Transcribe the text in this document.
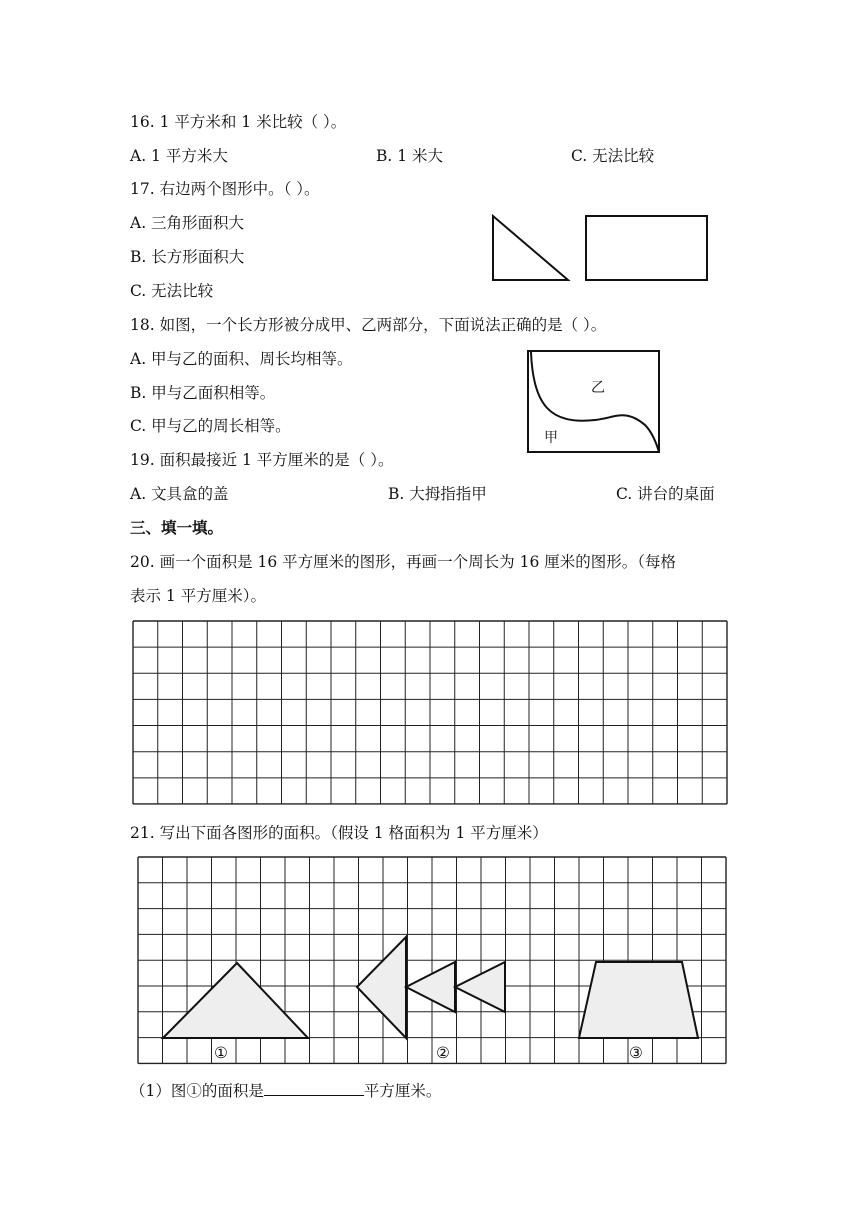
16. 1 平方米和 1 米比较（ ）。
A. 1 平方米大	B. 1 米大	C. 无法比较
17. 右边两个图形中。（ ）。
A. 三角形面积大
B. 长方形面积大
C. 无法比较
18. 如图，一个长方形被分成甲、乙两部分，下面说法正确的是（ ）。
A. 甲与乙的面积、周长均相等。
B. 甲与乙面积相等。
C. 甲与乙的周长相等。
乙
甲
19. 面积最接近 1 平方厘米的是（ ）。
A. 文具盒的盖	B. 大拇指指甲	C. 讲台的桌面
三、填一填。
20. 画一个面积是 16 平方厘米的图形，再画一个周长为 16 厘米的图形。（每格
表示 1 平方厘米）。
21. 写出下面各图形的面积。（假设 1 格面积为 1 平方厘米）
①	②	③
（1）图①的面积是	平方厘米。
